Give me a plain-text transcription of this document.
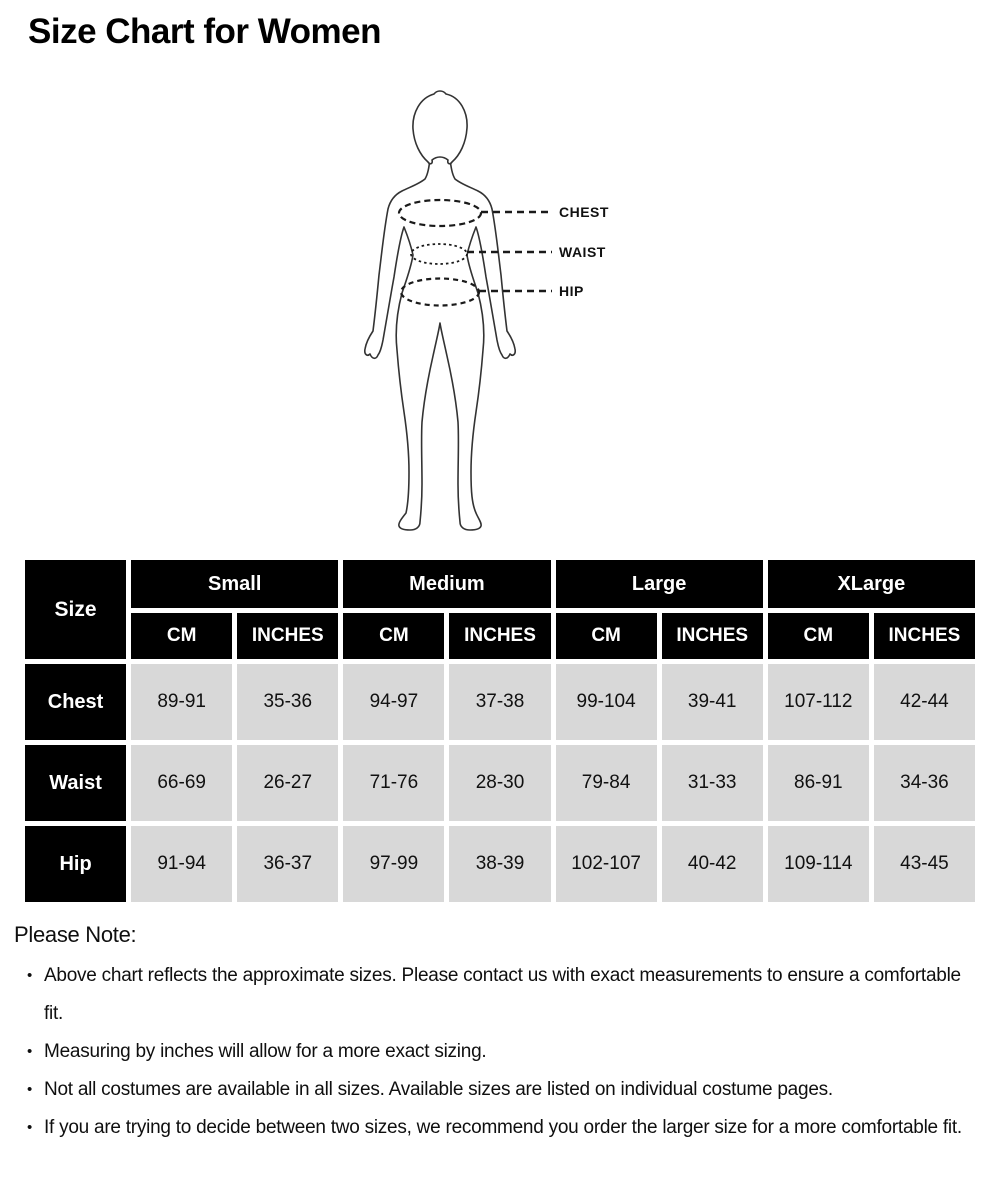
Size Chart for Women
CHEST
WAIST
HIP
Size
Small	Medium	Large	XLarge
CM	INCHES	CM	INCHES	CM	INCHES	CM	INCHES
Chest	89-91	35-36	94-97	37-38	99-104	39-41	107-112	42-44
Waist	66-69	26-27	71-76	28-30	79-84	31-33	86-91	34-36
Hip	91-94	36-37	97-99	38-39	102-107	40-42	109-114	43-45
Please Note:
• Above chart reflects the approximate sizes. Please contact us with exact measurements to ensure a comfortable fit.
• Measuring by inches will allow for a more exact sizing.
• Not all costumes are available in all sizes. Available sizes are listed on individual costume pages.
• If you are trying to decide between two sizes, we recommend you order the larger size for a more comfortable fit.
